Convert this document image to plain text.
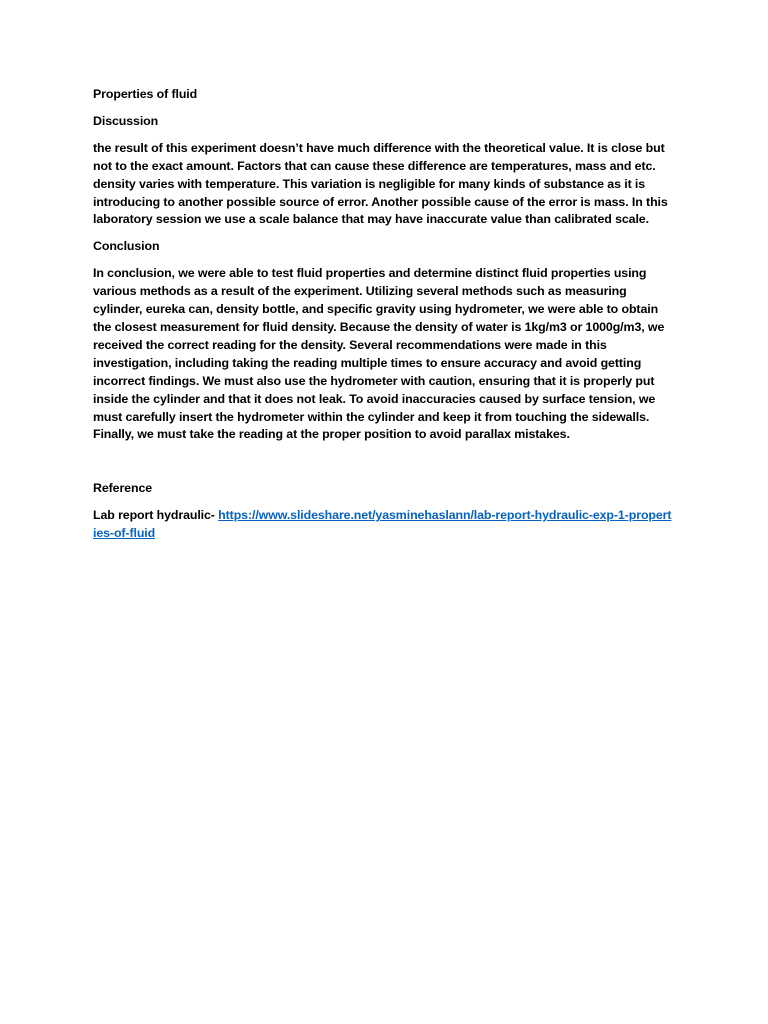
Properties of fluid

Discussion

the result of this experiment doesn’t have much difference with the theoretical value. It is close but not to the exact amount. Factors that can cause these difference are temperatures, mass and etc. density varies with temperature. This variation is negligible for many kinds of substance as it is introducing to another possible source of error. Another possible cause of the error is mass. In this laboratory session we use a scale balance that may have inaccurate value than calibrated scale.

Conclusion

In conclusion, we were able to test fluid properties and determine distinct fluid properties using various methods as a result of the experiment. Utilizing several methods such as measuring cylinder, eureka can, density bottle, and specific gravity using hydrometer, we were able to obtain the closest measurement for fluid density. Because the density of water is 1kg/m3 or 1000g/m3, we received the correct reading for the density. Several recommendations were made in this investigation, including taking the reading multiple times to ensure accuracy and avoid getting incorrect findings. We must also use the hydrometer with caution, ensuring that it is properly put inside the cylinder and that it does not leak. To avoid inaccuracies caused by surface tension, we must carefully insert the hydrometer within the cylinder and keep it from touching the sidewalls. Finally, we must take the reading at the proper position to avoid parallax mistakes.

Reference

Lab report hydraulic- https://www.slideshare.net/yasminehaslann/lab-report-hydraulic-exp-1-properties-of-fluid
